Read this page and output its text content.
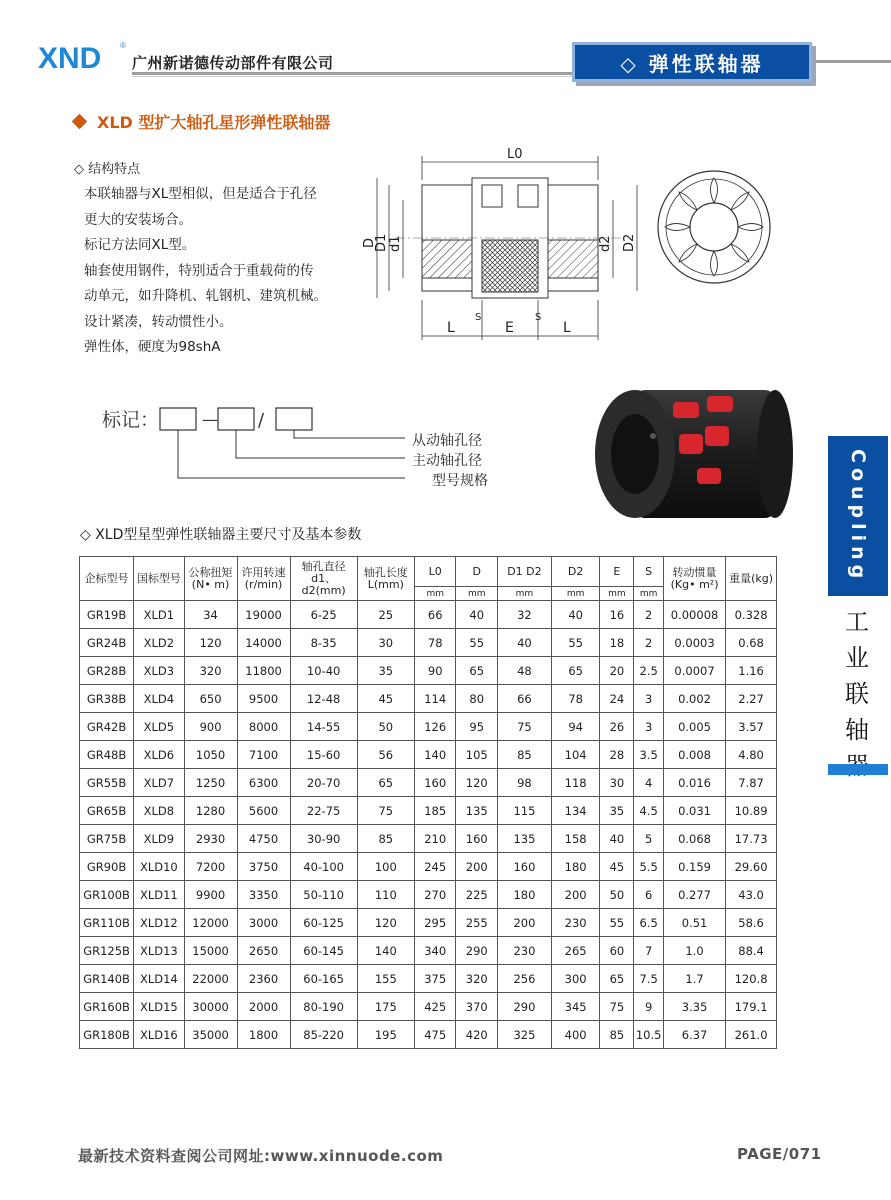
XND ®
广州新诺德传动部件有限公司	◇ 弹性联轴器
XLD 型扩大轴孔星形弹性联轴器
◇ 结构特点
本联轴器与XL型相似，但是适合于孔径
更大的安装场合。
标记方法同XL型。
轴套使用钢件，特别适合于重载荷的传
动单元，如升降机、轧钢机、建筑机械。
设计紧凑，转动惯性小。
弹性体，硬度为98shA
L0
D
D1 d1	d2 D2
L
S
E
S
L
标记：	— /
从动轴孔径
主动轴孔径
型号规格
◇ XLD型星型弹性联轴器主要尺寸及基本参数
企标型号	国标型号	公称扭矩(N• m)	许用转速(r/min)	轴孔直径d1、d2(mm)	轴孔长度L(mm)	L0	D	D1 D2	D2	E	S	转动惯量(Kg• m²)	重量(kg)
						mm	mm	mm	mm	mm	mm		
GR19B	XLD1	34	19000	6-25	25	66	40	32	40	16	2	0.00008	0.328
GR24B	XLD2	120	14000	8-35	30	78	55	40	55	18	2	0.0003	0.68
GR28B	XLD3	320	11800	10-40	35	90	65	48	65	20	2.5	0.0007	1.16
GR38B	XLD4	650	9500	12-48	45	114	80	66	78	24	3	0.002	2.27
GR42B	XLD5	900	8000	14-55	50	126	95	75	94	26	3	0.005	3.57
GR48B	XLD6	1050	7100	15-60	56	140	105	85	104	28	3.5	0.008	4.80
GR55B	XLD7	1250	6300	20-70	65	160	120	98	118	30	4	0.016	7.87
GR65B	XLD8	1280	5600	22-75	75	185	135	115	134	35	4.5	0.031	10.89
GR75B	XLD9	2930	4750	30-90	85	210	160	135	158	40	5	0.068	17.73
GR90B	XLD10	7200	3750	40-100	100	245	200	160	180	45	5.5	0.159	29.60
GR100B	XLD11	9900	3350	50-110	110	270	225	180	200	50	6	0.277	43.0
GR110B	XLD12	12000	3000	60-125	120	295	255	200	230	55	6.5	0.51	58.6
GR125B	XLD13	15000	2650	60-145	140	340	290	230	265	60	7	1.0	88.4
GR140B	XLD14	22000	2360	60-165	155	375	320	256	300	65	7.5	1.7	120.8
GR160B	XLD15	30000	2000	80-190	175	425	370	290	345	75	9	3.35	179.1
GR180B	XLD16	35000	1800	85-220	195	475	420	325	400	85	10.5	6.37	261.0
Coupling
工
业
联
轴
最新技术资料查阅公司网址:www.xinnuode.com	PAGE/071
